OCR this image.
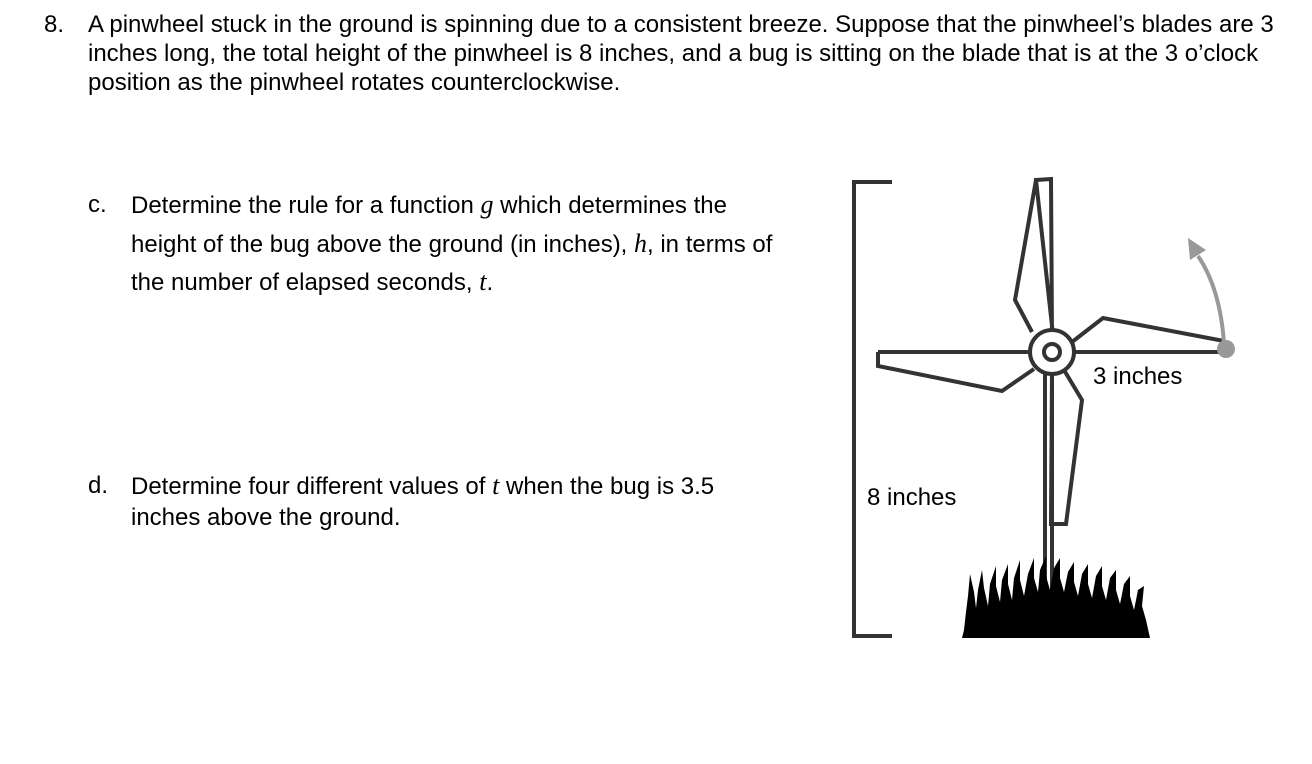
8. A pinwheel stuck in the ground is spinning due to a consistent breeze. Suppose that the pinwheel’s blades are 3 inches long, the total height of the pinwheel is 8 inches, and a bug is sitting on the blade that is at the 3 o’clock position as the pinwheel rotates counterclockwise.
c. Determine the rule for a function g which determines the height of the bug above the ground (in inches), h, in terms of the number of elapsed seconds, t.
d. Determine four different values of t when the bug is 3.5 inches above the ground.
8 inches
3 inches
